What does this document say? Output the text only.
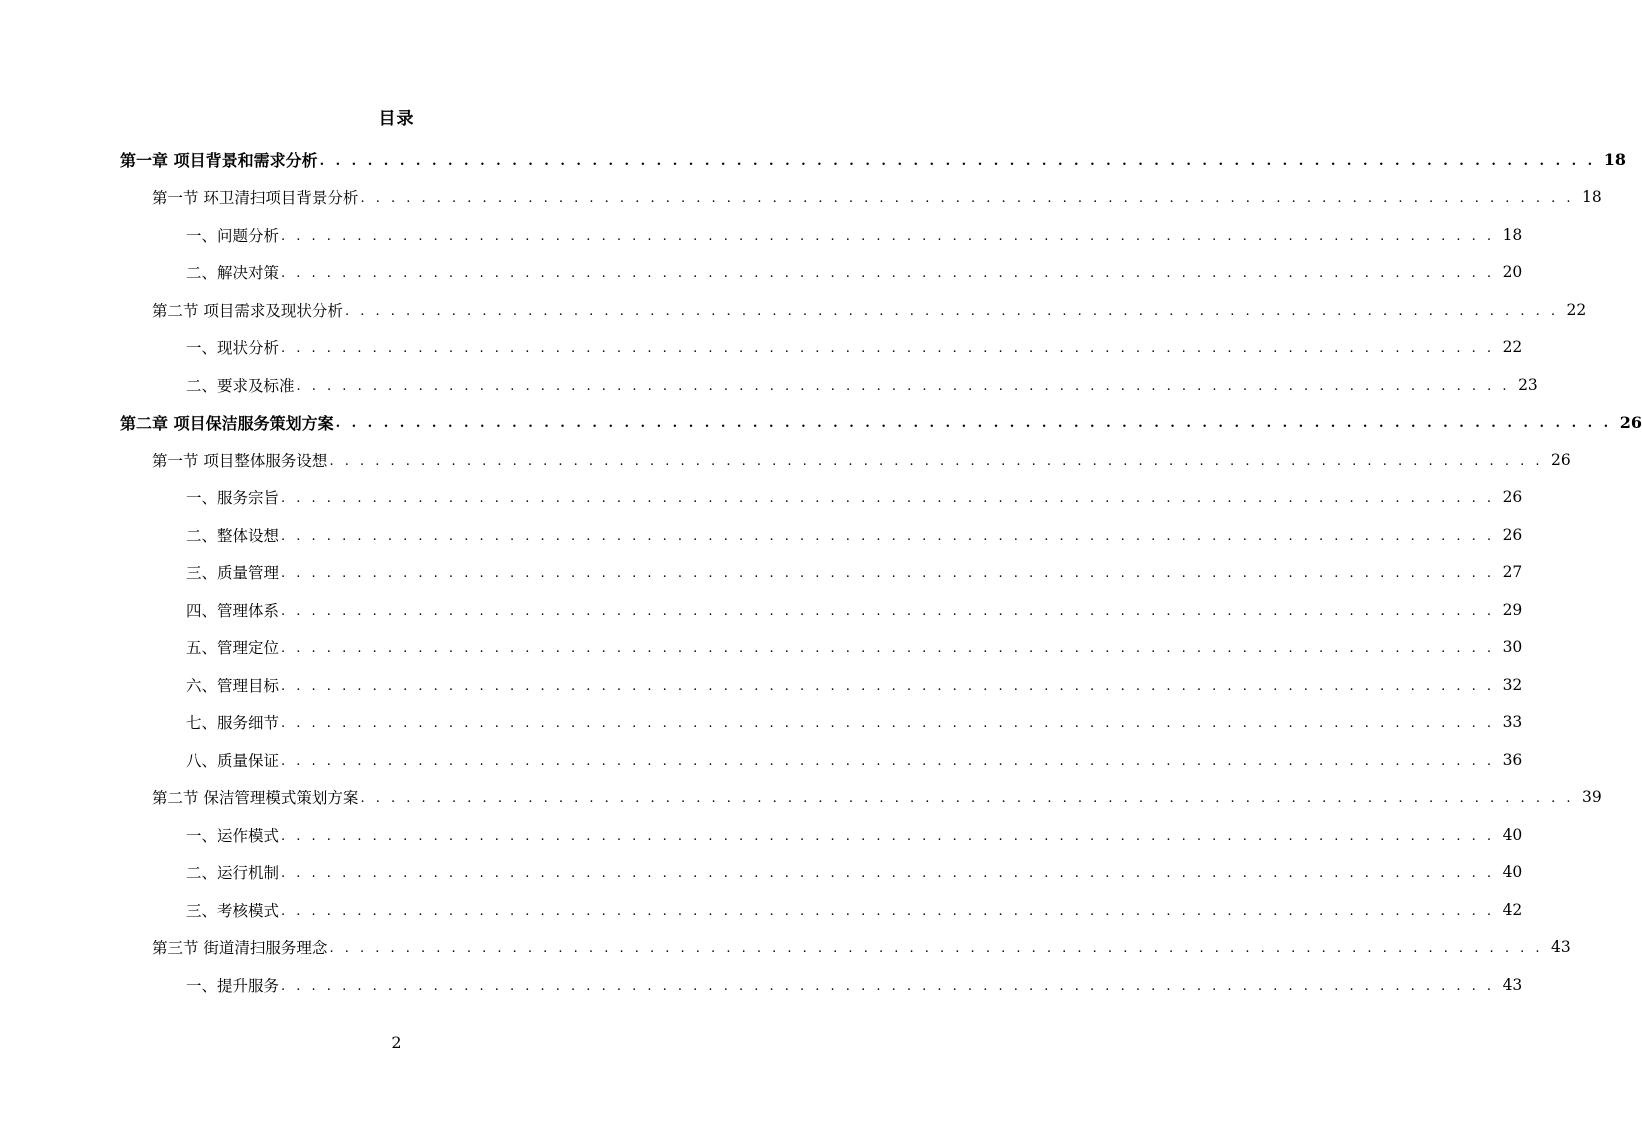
目录
第一章 项目背景和需求分析 . . . . . . . . . . . . . . . . . . . . . . . . . . . . . . . . . . . . . . . . . . . . . . . . . . . . . . . . . . . . . . . . . . . . . . . . . . . . . . . . 18
第一节 环卫清扫项目背景分析 . . . . . . . . . . . . . . . . . . . . . . . . . . . . . . . . . . . . . . . . . . . . . . . . . . . . . . . . . . . . . . . . . . . . . . . . . . . . . . . . 18
一、问题分析 . . . . . . . . . . . . . . . . . . . . . . . . . . . . . . . . . . . . . . . . . . . . . . . . . . . . . . . . . . . . . . . . . . . . . . . . . . . . . . . . 18
二、解决对策 . . . . . . . . . . . . . . . . . . . . . . . . . . . . . . . . . . . . . . . . . . . . . . . . . . . . . . . . . . . . . . . . . . . . . . . . . . . . . . . . 20
第二节 项目需求及现状分析 . . . . . . . . . . . . . . . . . . . . . . . . . . . . . . . . . . . . . . . . . . . . . . . . . . . . . . . . . . . . . . . . . . . . . . . . . . . . . . . . 22
一、现状分析 . . . . . . . . . . . . . . . . . . . . . . . . . . . . . . . . . . . . . . . . . . . . . . . . . . . . . . . . . . . . . . . . . . . . . . . . . . . . . . . . 22
二、要求及标准 . . . . . . . . . . . . . . . . . . . . . . . . . . . . . . . . . . . . . . . . . . . . . . . . . . . . . . . . . . . . . . . . . . . . . . . . . . . . . . . . 23
第二章 项目保洁服务策划方案 . . . . . . . . . . . . . . . . . . . . . . . . . . . . . . . . . . . . . . . . . . . . . . . . . . . . . . . . . . . . . . . . . . . . . . . . . . . . . . . . 26
第一节 项目整体服务设想 . . . . . . . . . . . . . . . . . . . . . . . . . . . . . . . . . . . . . . . . . . . . . . . . . . . . . . . . . . . . . . . . . . . . . . . . . . . . . . . . 26
一、服务宗旨 . . . . . . . . . . . . . . . . . . . . . . . . . . . . . . . . . . . . . . . . . . . . . . . . . . . . . . . . . . . . . . . . . . . . . . . . . . . . . . . . 26
二、整体设想 . . . . . . . . . . . . . . . . . . . . . . . . . . . . . . . . . . . . . . . . . . . . . . . . . . . . . . . . . . . . . . . . . . . . . . . . . . . . . . . . 26
三、质量管理 . . . . . . . . . . . . . . . . . . . . . . . . . . . . . . . . . . . . . . . . . . . . . . . . . . . . . . . . . . . . . . . . . . . . . . . . . . . . . . . . 27
四、管理体系 . . . . . . . . . . . . . . . . . . . . . . . . . . . . . . . . . . . . . . . . . . . . . . . . . . . . . . . . . . . . . . . . . . . . . . . . . . . . . . . . 29
五、管理定位 . . . . . . . . . . . . . . . . . . . . . . . . . . . . . . . . . . . . . . . . . . . . . . . . . . . . . . . . . . . . . . . . . . . . . . . . . . . . . . . . 30
六、管理目标 . . . . . . . . . . . . . . . . . . . . . . . . . . . . . . . . . . . . . . . . . . . . . . . . . . . . . . . . . . . . . . . . . . . . . . . . . . . . . . . . 32
七、服务细节 . . . . . . . . . . . . . . . . . . . . . . . . . . . . . . . . . . . . . . . . . . . . . . . . . . . . . . . . . . . . . . . . . . . . . . . . . . . . . . . . 33
八、质量保证 . . . . . . . . . . . . . . . . . . . . . . . . . . . . . . . . . . . . . . . . . . . . . . . . . . . . . . . . . . . . . . . . . . . . . . . . . . . . . . . . 36
第二节 保洁管理模式策划方案 . . . . . . . . . . . . . . . . . . . . . . . . . . . . . . . . . . . . . . . . . . . . . . . . . . . . . . . . . . . . . . . . . . . . . . . . . . . . . . . . 39
一、运作模式 . . . . . . . . . . . . . . . . . . . . . . . . . . . . . . . . . . . . . . . . . . . . . . . . . . . . . . . . . . . . . . . . . . . . . . . . . . . . . . . . 40
二、运行机制 . . . . . . . . . . . . . . . . . . . . . . . . . . . . . . . . . . . . . . . . . . . . . . . . . . . . . . . . . . . . . . . . . . . . . . . . . . . . . . . . 40
三、考核模式 . . . . . . . . . . . . . . . . . . . . . . . . . . . . . . . . . . . . . . . . . . . . . . . . . . . . . . . . . . . . . . . . . . . . . . . . . . . . . . . . 42
第三节 街道清扫服务理念 . . . . . . . . . . . . . . . . . . . . . . . . . . . . . . . . . . . . . . . . . . . . . . . . . . . . . . . . . . . . . . . . . . . . . . . . . . . . . . . . 43
一、提升服务 . . . . . . . . . . . . . . . . . . . . . . . . . . . . . . . . . . . . . . . . . . . . . . . . . . . . . . . . . . . . . . . . . . . . . . . . . . . . . . . . 43
2
